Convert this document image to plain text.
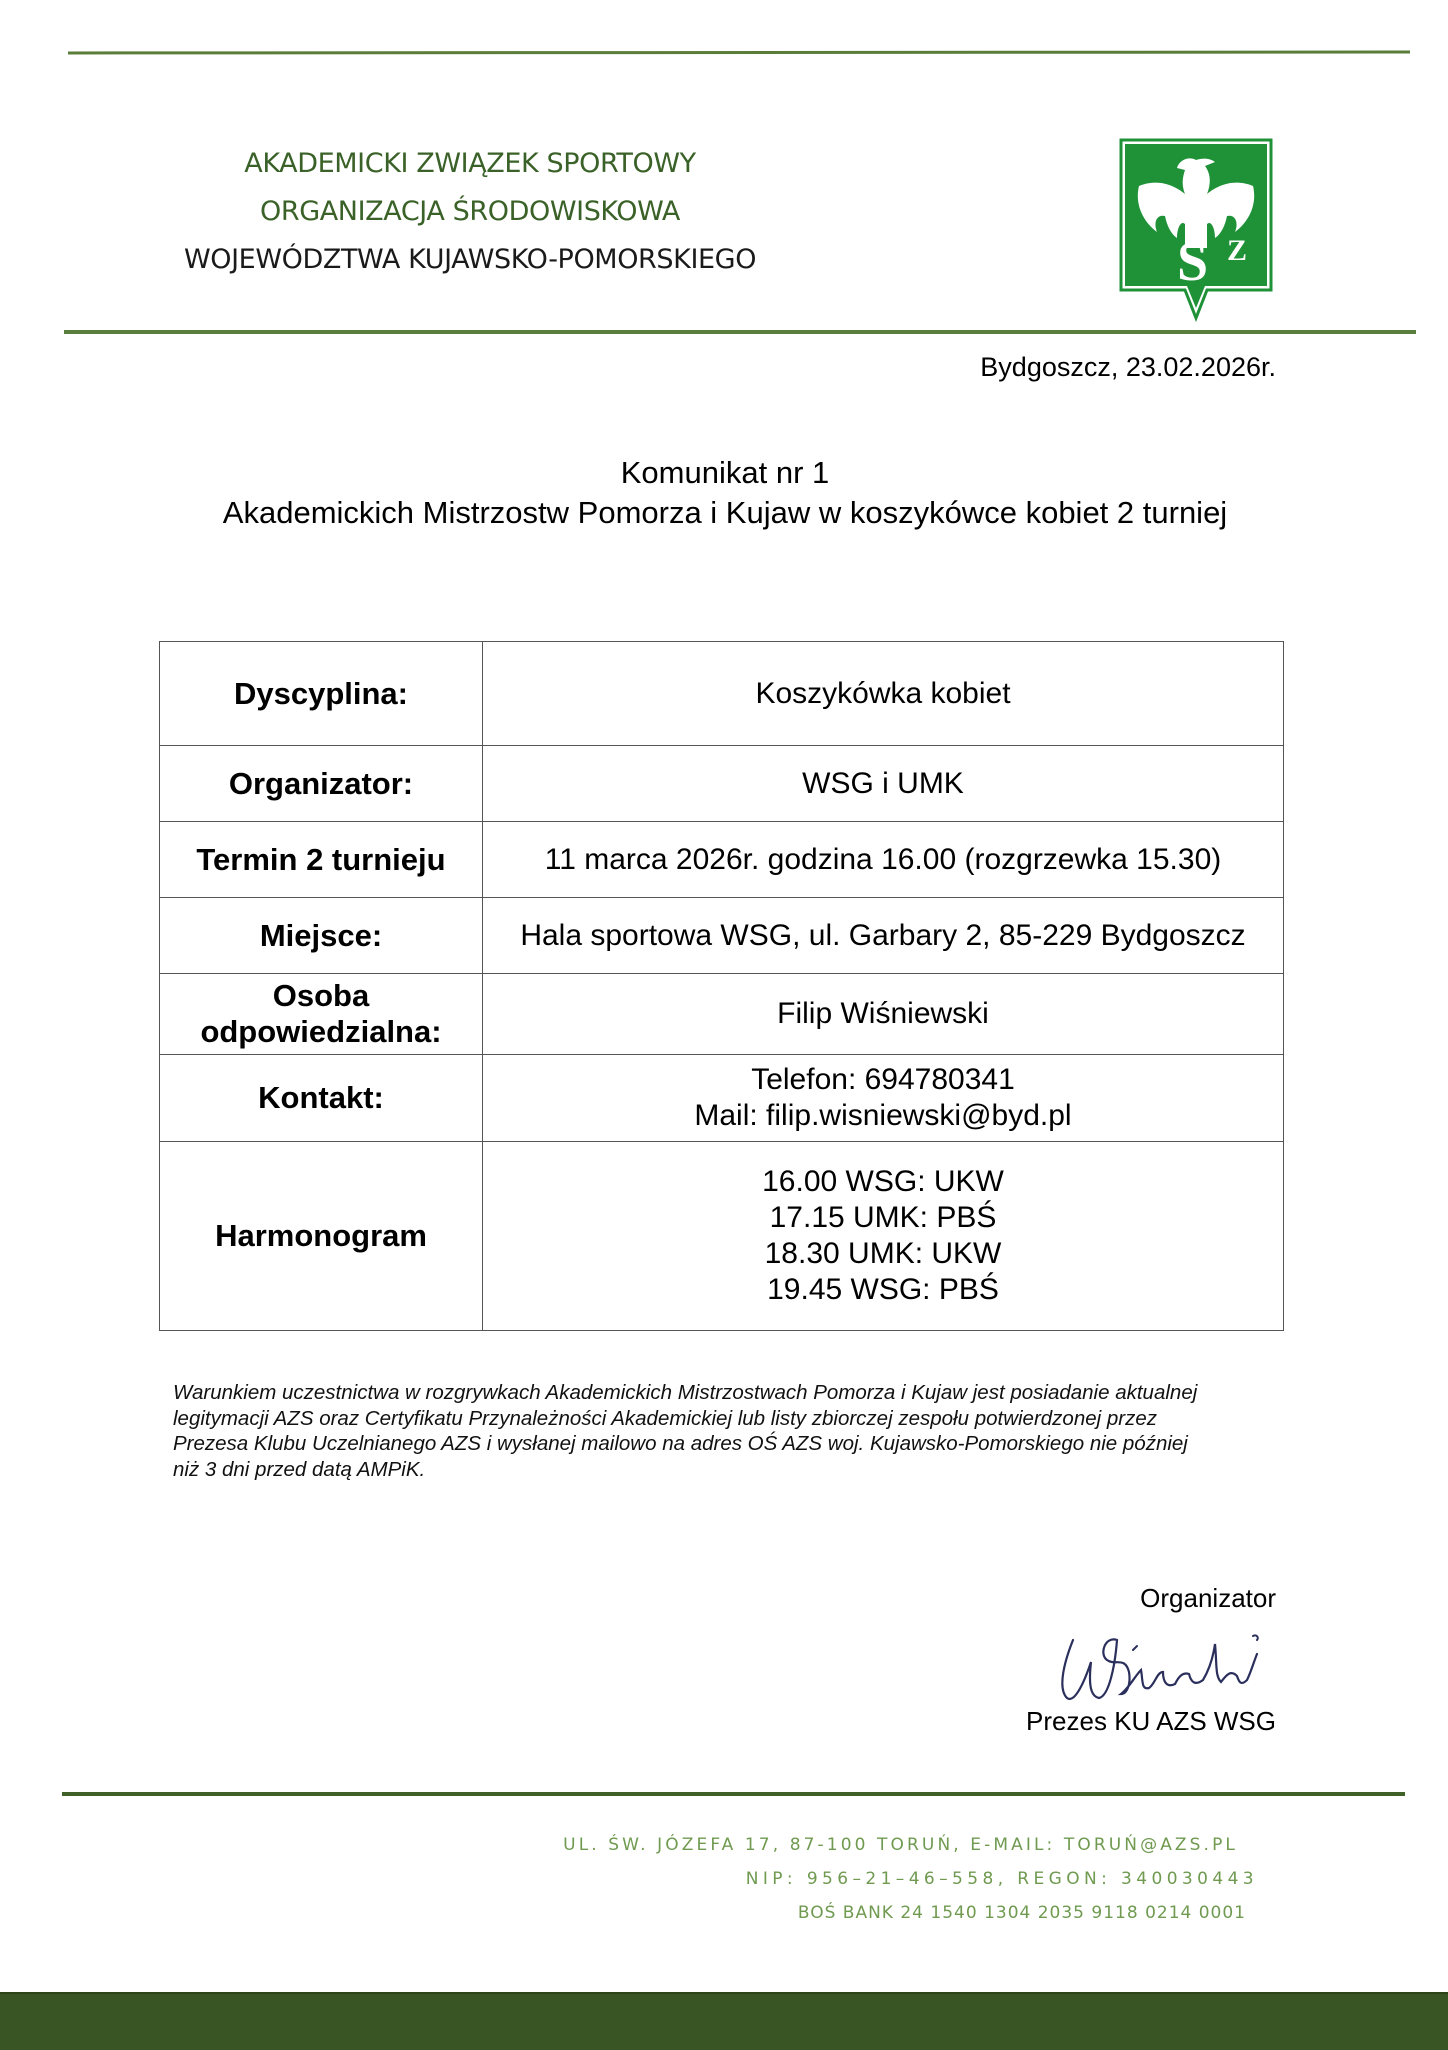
AKADEMICKI ZWIĄZEK SPORTOWY
ORGANIZACJA ŚRODOWISKOWA
WOJEWÓDZTWA KUJAWSKO-POMORSKIEGO	A S Z
Bydgoszcz, 23.02.2026r.
Komunikat nr 1
Akademickich Mistrzostw Pomorza i Kujaw w koszykówce kobiet 2 turniej
Dyscyplina:	Koszykówka kobiet
Organizator:	WSG i UMK
Termin 2 turnieju	11 marca 2026r. godzina 16.00 (rozgrzewka 15.30)
Miejsce:	Hala sportowa WSG, ul. Garbary 2, 85-229 Bydgoszcz

Osoba
odpowiedzialna:	Filip Wiśniewski
Kontakt:	Telefon: 694780341
Mail: filip.wisniewski@byd.pl

Harmonogram	16.00 WSG: UKW
17.15 UMK: PBŚ
18.30 UMK: UKW
19.45 WSG: PBŚ
Warunkiem uczestnictwa w rozgrywkach Akademickich Mistrzostwach Pomorza i Kujaw jest posiadanie aktualnej
legitymacji AZS oraz Certyfikatu Przynależności Akademickiej lub listy zbiorczej zespołu potwierdzonej przez
Prezesa Klubu Uczelnianego AZS i wysłanej mailowo na adres OŚ AZS woj. Kujawsko-Pomorskiego nie później
niż 3 dni przed datą AMPiK.
Organizator
Prezes KU AZS WSG
UL. ŚW. JÓZEFA 17, 87-100 TORUŃ, E-MAIL: TORUŃ@AZS.PL
NIP: 956–21–46–558, REGON: 340030443
BOŚ BANK 24 1540 1304 2035 9118 0214 0001
